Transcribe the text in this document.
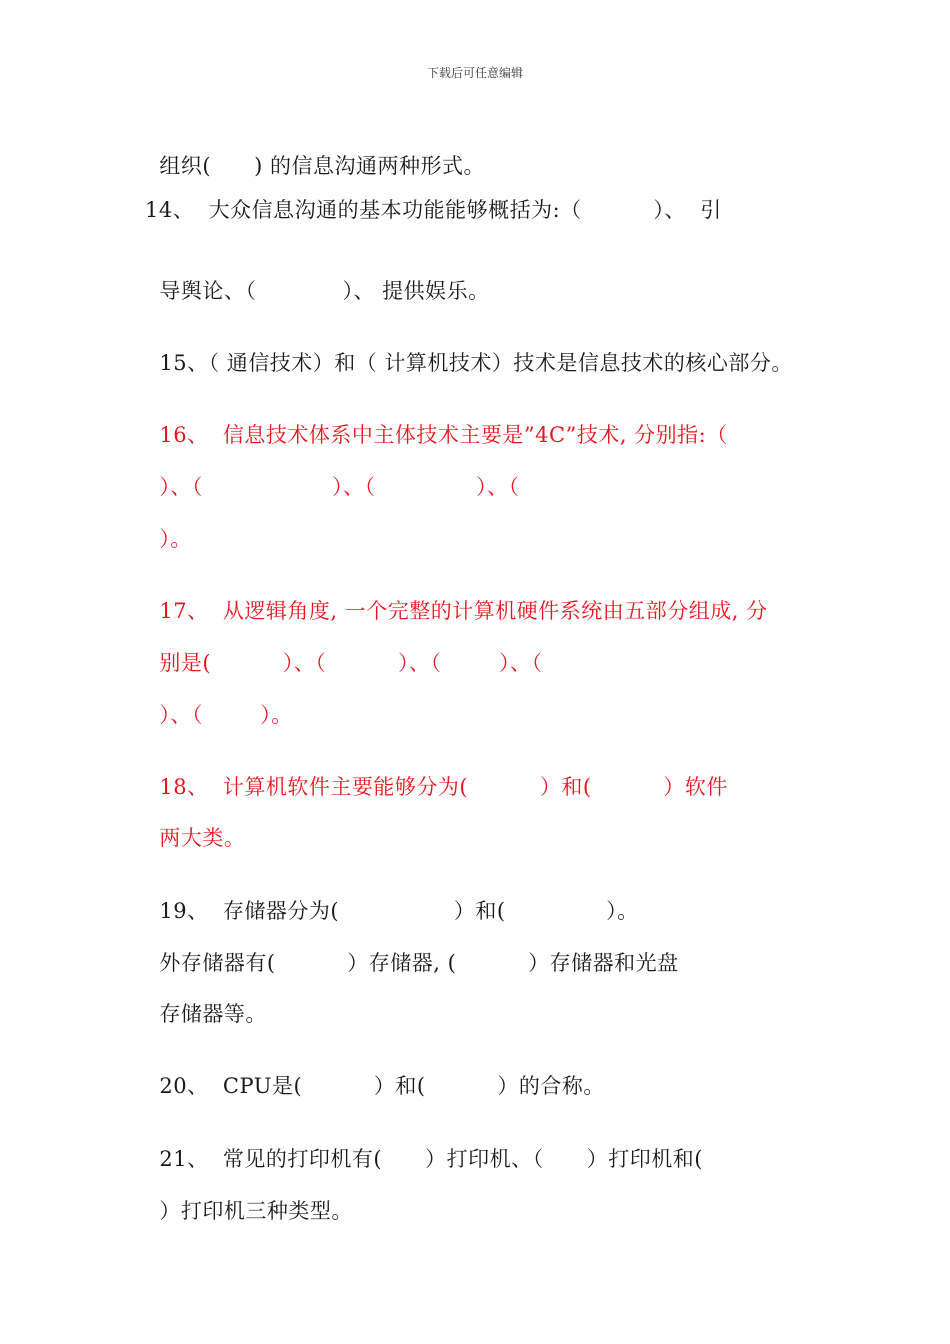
下载后可任意编辑

组织(      ) 的信息沟通两种形式。

14、  大众信息沟通的基本功能能够概括为:（          ）、  引

导舆论、（            ）、 提供娱乐。

15、（ 通信技术）和（ 计算机技术）技术是信息技术的核心部分。

16、  信息技术体系中主体技术主要是”4C”技术, 分别指:（

）、（                  ）、（              ）、（

）。

17、  从逻辑角度, 一个完整的计算机硬件系统由五部分组成, 分

别是(          ）、（          ）、（        ）、（

）、（        ）。

18、  计算机软件主要能够分为(          ）和(          ）软件

两大类。

19、  存储器分为(                ）和(              ）。

外存储器有(          ）存储器, (          ）存储器和光盘

存储器等。

20、  CPU是(          ）和(          ）的合称。

21、  常见的打印机有(      ）打印机、（      ）打印机和(

）打印机三种类型。
